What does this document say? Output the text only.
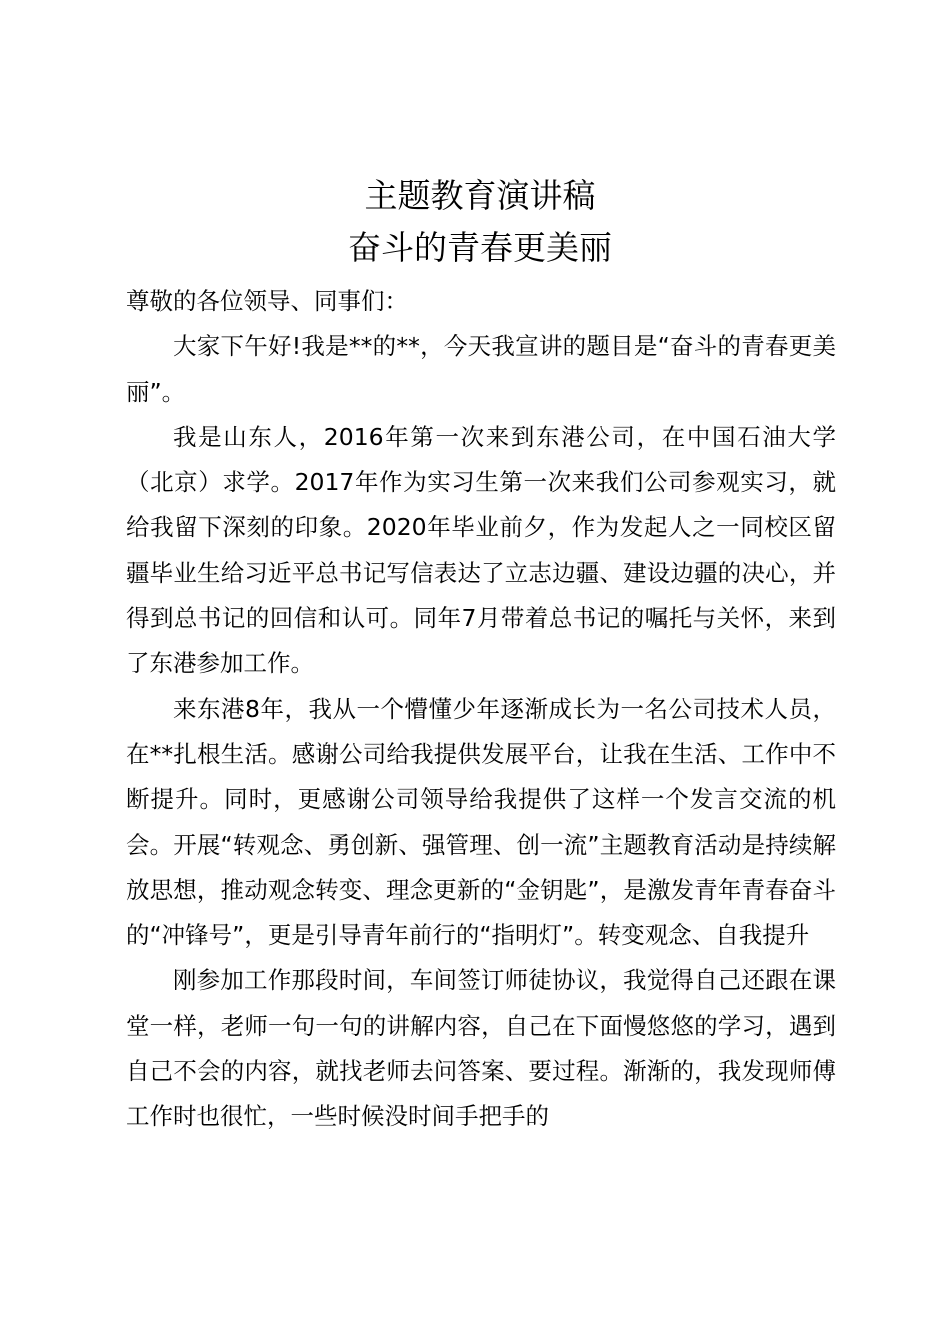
主题教育演讲稿
奋斗的青春更美丽

尊敬的各位领导、同事们：

大家下午好!我是**的**，今天我宣讲的题目是“奋斗的青春更美丽”。

我是山东人，2016年第一次来到东港公司，在中国石油大学（北京）求学。2017年作为实习生第一次来我们公司参观实习，就给我留下深刻的印象。2020年毕业前夕，作为发起人之一同校区留疆毕业生给习近平总书记写信表达了立志边疆、建设边疆的决心，并得到总书记的回信和认可。同年7月带着总书记的嘱托与关怀，来到了东港参加工作。

来东港8年，我从一个懵懂少年逐渐成长为一名公司技术人员，在**扎根生活。感谢公司给我提供发展平台，让我在生活、工作中不断提升。同时，更感谢公司领导给我提供了这样一个发言交流的机会。开展“转观念、勇创新、强管理、创一流”主题教育活动是持续解放思想，推动观念转变、理念更新的“金钥匙”，是激发青年青春奋斗的“冲锋号”，更是引导青年前行的“指明灯”。转变观念、自我提升

刚参加工作那段时间，车间签订师徒协议，我觉得自己还跟在课堂一样，老师一句一句的讲解内容，自己在下面慢悠悠的学习，遇到自己不会的内容，就找老师去问答案、要过程。渐渐的，我发现师傅工作时也很忙，一些时候没时间手把手的
